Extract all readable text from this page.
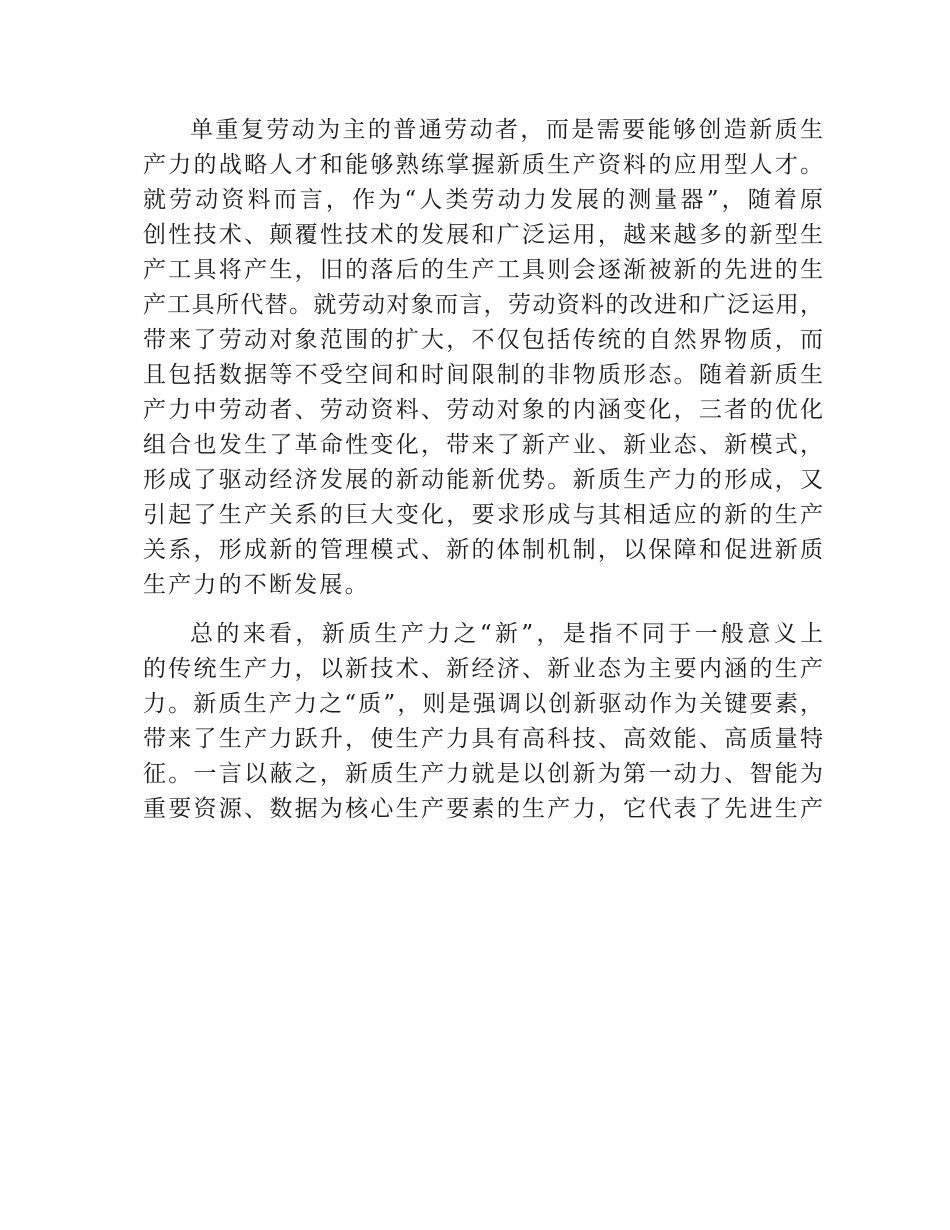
单重复劳动为主的普通劳动者，而是需要能够创造新质生
产力的战略人才和能够熟练掌握新质生产资料的应用型人才。
就劳动资料而言，作为“人类劳动力发展的测量器”，随着原
创性技术、颠覆性技术的发展和广泛运用，越来越多的新型生
产工具将产生，旧的落后的生产工具则会逐渐被新的先进的生
产工具所代替。就劳动对象而言，劳动资料的改进和广泛运用，
带来了劳动对象范围的扩大，不仅包括传统的自然界物质，而
且包括数据等不受空间和时间限制的非物质形态。随着新质生
产力中劳动者、劳动资料、劳动对象的内涵变化，三者的优化
组合也发生了革命性变化，带来了新产业、新业态、新模式，
形成了驱动经济发展的新动能新优势。新质生产力的形成，又
引起了生产关系的巨大变化，要求形成与其相适应的新的生产
关系，形成新的管理模式、新的体制机制，以保障和促进新质
生产力的不断发展。
总的来看，新质生产力之“新”，是指不同于一般意义上
的传统生产力，以新技术、新经济、新业态为主要内涵的生产
力。新质生产力之“质”，则是强调以创新驱动作为关键要素，
带来了生产力跃升，使生产力具有高科技、高效能、高质量特
征。一言以蔽之，新质生产力就是以创新为第一动力、智能为
重要资源、数据为核心生产要素的生产力，它代表了先进生产
